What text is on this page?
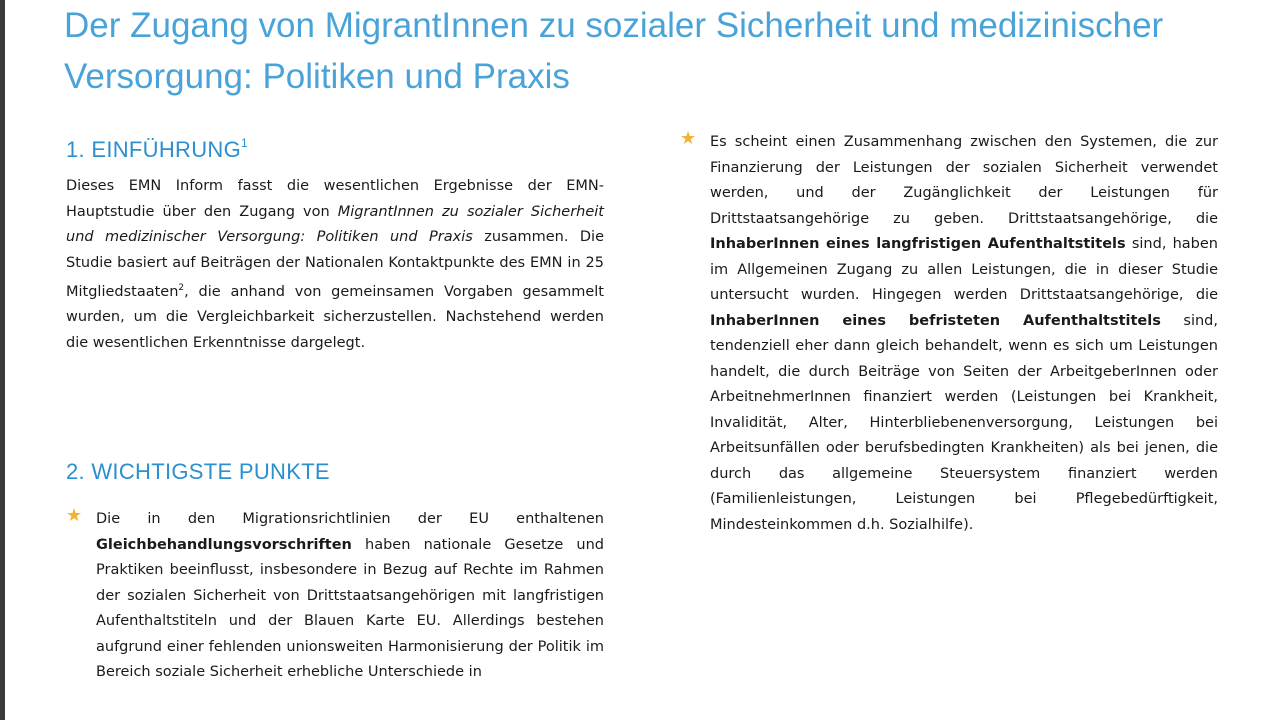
Der Zugang von MigrantInnen zu sozialer Sicherheit und medizinischer Versorgung: Politiken und Praxis
1. EINFÜHRUNG$^1$

Dieses EMN Inform fasst die wesentlichen Ergebnisse der EMN-Hauptstudie über den Zugang von MigrantInnen zu sozialer Sicherheit und medizinischer Versorgung: Politiken und Praxis zusammen. Die Studie basiert auf Beiträgen der Nationalen Kontaktpunkte des EMN in 25 Mitgliedstaaten$^2$, die anhand von gemeinsamen Vorgaben gesammelt wurden, um die Vergleichbarkeit sicherzustellen. Nachstehend werden die wesentlichen Erkenntnisse dargelegt.

2. WICHTIGSTE PUNKTE
★ Die in den Migrationsrichtlinien der EU enthaltenen Gleichbehandlungsvorschriften haben nationale Gesetze und Praktiken beeinflusst, insbesondere in Bezug auf Rechte im Rahmen der sozialen Sicherheit von Drittstaatsangehörigen mit langfristigen Aufenthaltstiteln und der Blauen Karte EU. Allerdings bestehen aufgrund einer fehlenden unionsweiten Harmonisierung der Politik im Bereich soziale Sicherheit erhebliche Unterschiede in

★ Es scheint einen Zusammenhang zwischen den Systemen, die zur Finanzierung der Leistungen der sozialen Sicherheit verwendet werden, und der Zugänglichkeit der Leistungen für Drittstaatsangehörige zu geben. Drittstaatsangehörige, die InhaberInnen eines langfristigen Aufenthaltstitels sind, haben im Allgemeinen Zugang zu allen Leistungen, die in dieser Studie untersucht wurden. Hingegen werden Drittstaatsangehörige, die InhaberInnen eines befristeten Aufenthaltstitels sind, tendenziell eher dann gleich behandelt, wenn es sich um Leistungen handelt, die durch Beiträge von Seiten der ArbeitgeberInnen oder ArbeitnehmerInnen finanziert werden (Leistungen bei Krankheit, Invalidität, Alter, Hinterbliebenenversorgung, Leistungen bei Arbeitsunfällen oder berufsbedingten Krankheiten) als bei jenen, die durch das allgemeine Steuersystem finanziert werden (Familienleistungen, Leistungen bei Pflegebedürftigkeit, Mindesteinkommen d.h. Sozialhilfe).
